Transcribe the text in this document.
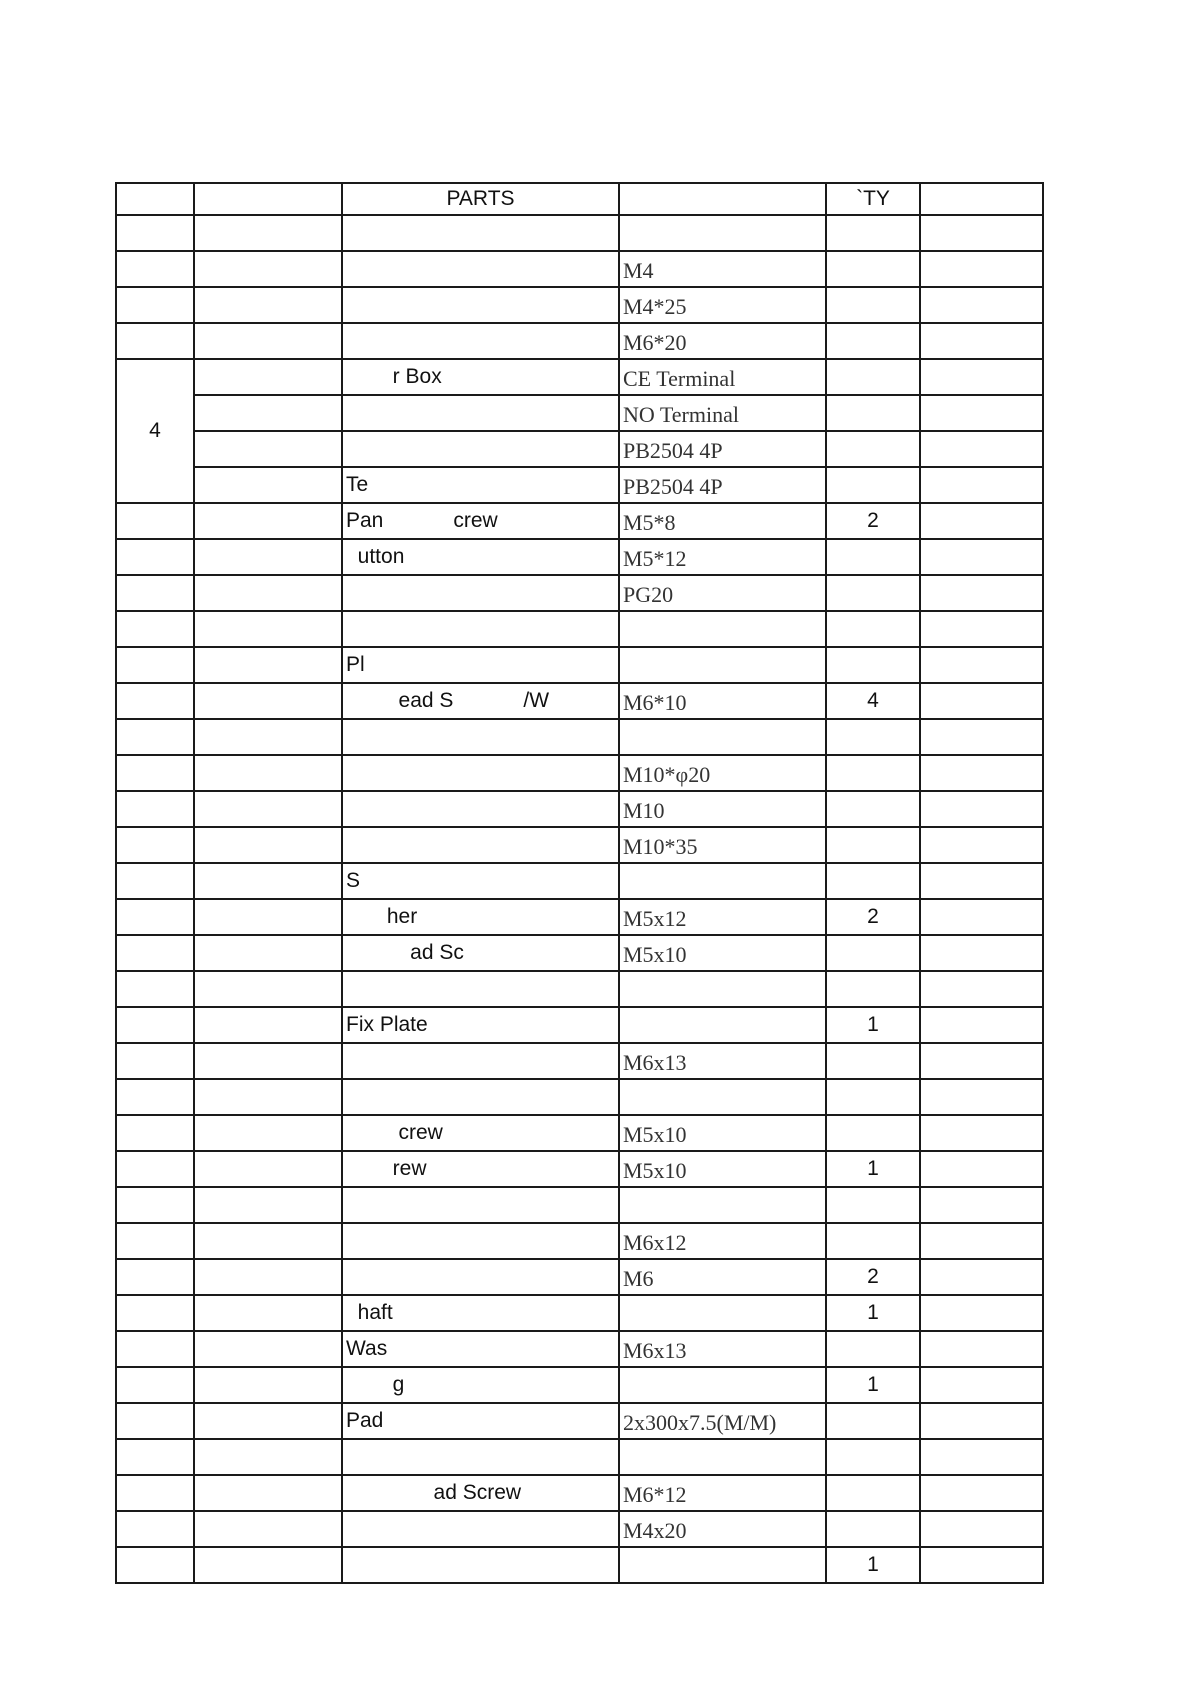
		PARTS		`TY	

			M4		
			M4*25		
			M6*20		
4		r Box	CE Terminal		
			NO Terminal		
			PB2504 4P		
		Te	PB2504 4P		
		Pan            crew	M5*8	2	
		utton	M5*12		
			PG20		

		Pl			
		ead S            /W	M6*10	4	

			M10*φ20		
			M10		
			M10*35		
		S			
		her	M5x12	2	
		ad Sc	M5x10		

		Fix Plate		1	
			M6x13		

		crew	M5x10		
		rew	M5x10	1	

			M6x12		
			M6	2	
		haft		1	
		Was	M6x13		
		g		1	
		Pad	2x300x7.5(M/M)		

		ad Screw	M6*12		
			M4x20		
				1	
